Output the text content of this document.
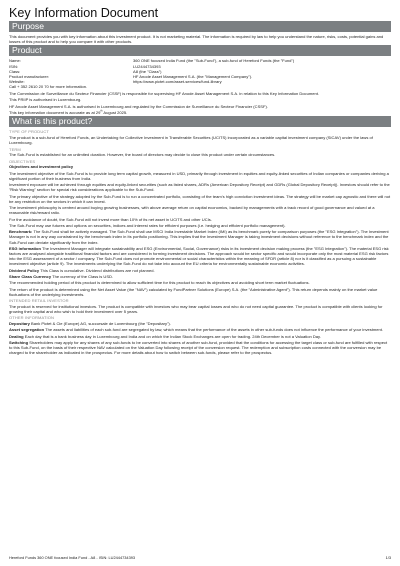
Key Information Document
Purpose
This document provides you with key information about this investment product. It is not marketing material. The information is required by law to help you understand the nature, risks, costs, potential gains and losses of this product and to help you compare it with other products.
Product
Name:	360 ONE focused India Fund (the "Sub-Fund"), a sub-fund of Hereford Funds (the "Fund")
ISIN:	LU2444734393
Class:	A8 (the "Class")
Product manufacturer:	HF Anode Asset Management S.A. (the "Management Company").
Website:	https://www.pictet.com/asset-services/fund-library
Call + 352 2610 20 70 for more information.
The Commission de Surveillance du Secteur Financier (CSSF) is responsible for supervising HF Anode Asset Management S.A. in relation to this Key Information Document.
This PRIIP is authorised in Luxembourg.
HF Anode Asset Management S.A. is authorised in Luxembourg and regulated by the Commission de Surveillance du Secteur Financier (CSSF).
This key information document is accurate as at 29th August 2025.
What is this product?
TYPE OF PRODUCT
The product is a sub-fund of Hereford Funds, an Undertaking for Collective Investment in Transferable Securities (UCITS) incorporated as a variable capital investment company (SICAV) under the laws of Luxembourg.
TERM
The Sub-Fund is established for an unlimited duration. However, the board of directors may decide to close this product under certain circumstances.
OBJECTIVES
Objectives and investment policy
The investment objective of the Sub-Fund is to provide long term capital growth, measured in USD, primarily through investment in equities and equity-linked securities of Indian companies or companies deriving a significant portion of their business from India.
Investment exposure will be achieved through equities and equity-linked securities (such as listed shares, ADRs (American Depository Receipt) and GDRs (Global Depository Receipt)). Investors should refer to the "Risk Warning" section for special risk considerations applicable to the Sub-Fund.
The primary objective of the strategy adopted by the Sub-Fund is to run a concentrated portfolio, consisting of the team's high conviction investment ideas. The strategy will be market cap agnostic and there will not be any restriction on the sectors in which it can invest.
The investment philosophy is centred around buying growing businesses, with above average return on capital economics, backed by managements with a track record of good governance and valued at a reasonable risk/reward ratio.
For the avoidance of doubt, the Sub-Fund will not invest more than 10% of its net asset in UCITS and other UCIs.
The Sub-Fund may use futures and options on securities, indices and interest rates for efficient purposes (i.e. hedging and efficient portfolio management).
Benchmark: The Sub-Fund shall be actively managed. The Sub-Fund shall use MSCI India Investable Market Index (IMI) as its benchmark purely for comparison purposes (the "ESG Integration"). The Investment Manager is not in any way constrained by the benchmark index in its portfolio positioning. This implies that the Investment Manager is taking investment decisions without reference to the benchmark index and the Sub-Fund can deviate significantly from the index.
ESG information The Investment Manager will integrate sustainability and ESG (Environmental, Social, Governance) risks in its investment decision making process (the "ESG Integration"). The material ESG risk factors are analysed alongside traditional financial factors and are considered in forming investment decisions. The approach would be sector specific and would incorporate only the most material ESG risk factors into the ESG assessment of a sector / company. The Sub-Fund does not promote environmental or social characteristics within the meaning of SFDR (article 8) nor is it classified as a pursuing a sustainable investment objective (article 9). The investments underlying the Sub-Fund do not take into account the EU criteria for environmentally sustainable economic activities.
Dividend Policy This Class is cumulative. Dividend distributions are not planned.
Share Class Currency The currency of the Class is USD.
The recommended holding period of this product is determined to allow sufficient time for this product to reach its objectives and avoiding short term market fluctuations.
The return of the product is determined using the Net Asset Value (the "NAV") calculated by FundPartner Solutions (Europe) S.A. (the "Administrative Agent"). This return depends mainly on the market value fluctuations of the underlying investments.
INTENDED RETAIL INVESTOR
The product is reserved for institutional investors. The product is compatible with investors who may bear capital losses and who do not need capital guarantee. The product is compatible with clients looking for growing their capital and who wish to hold their investment over 5 years.
OTHER INFORMATION
Depositary Bank Pictet & Cie (Europe) AG, succursale de Luxembourg (the "Depositary").
Asset segregation The assets and liabilities of each sub-fund are segregated by law, which means that the performance of the assets in other sub-funds does not influence the performance of your investment.
Dealing Each day that is a bank business day in Luxembourg and India and on which the Indian Stock Exchanges are open for trading. 24th December is not a Valuation Day.
Switching Shareholders may apply for any shares of any sub-funds to be converted into shares of another sub-fund, provided that the conditions for accessing the target class or sub-fund are fulfilled with respect to this Sub-Fund, on the basis of their respective NAV calculated on the Valuation Day following receipt of the conversion request. The redemption and subscription costs connected with the conversion may be charged to the shareholder as indicated in the prospectus. For more details about how to switch between sub-funds, please refer to the prospectus.
Hereford Funds 360 ONE focused India Fund - A8 - ISIN: LU2444734393	1/3
